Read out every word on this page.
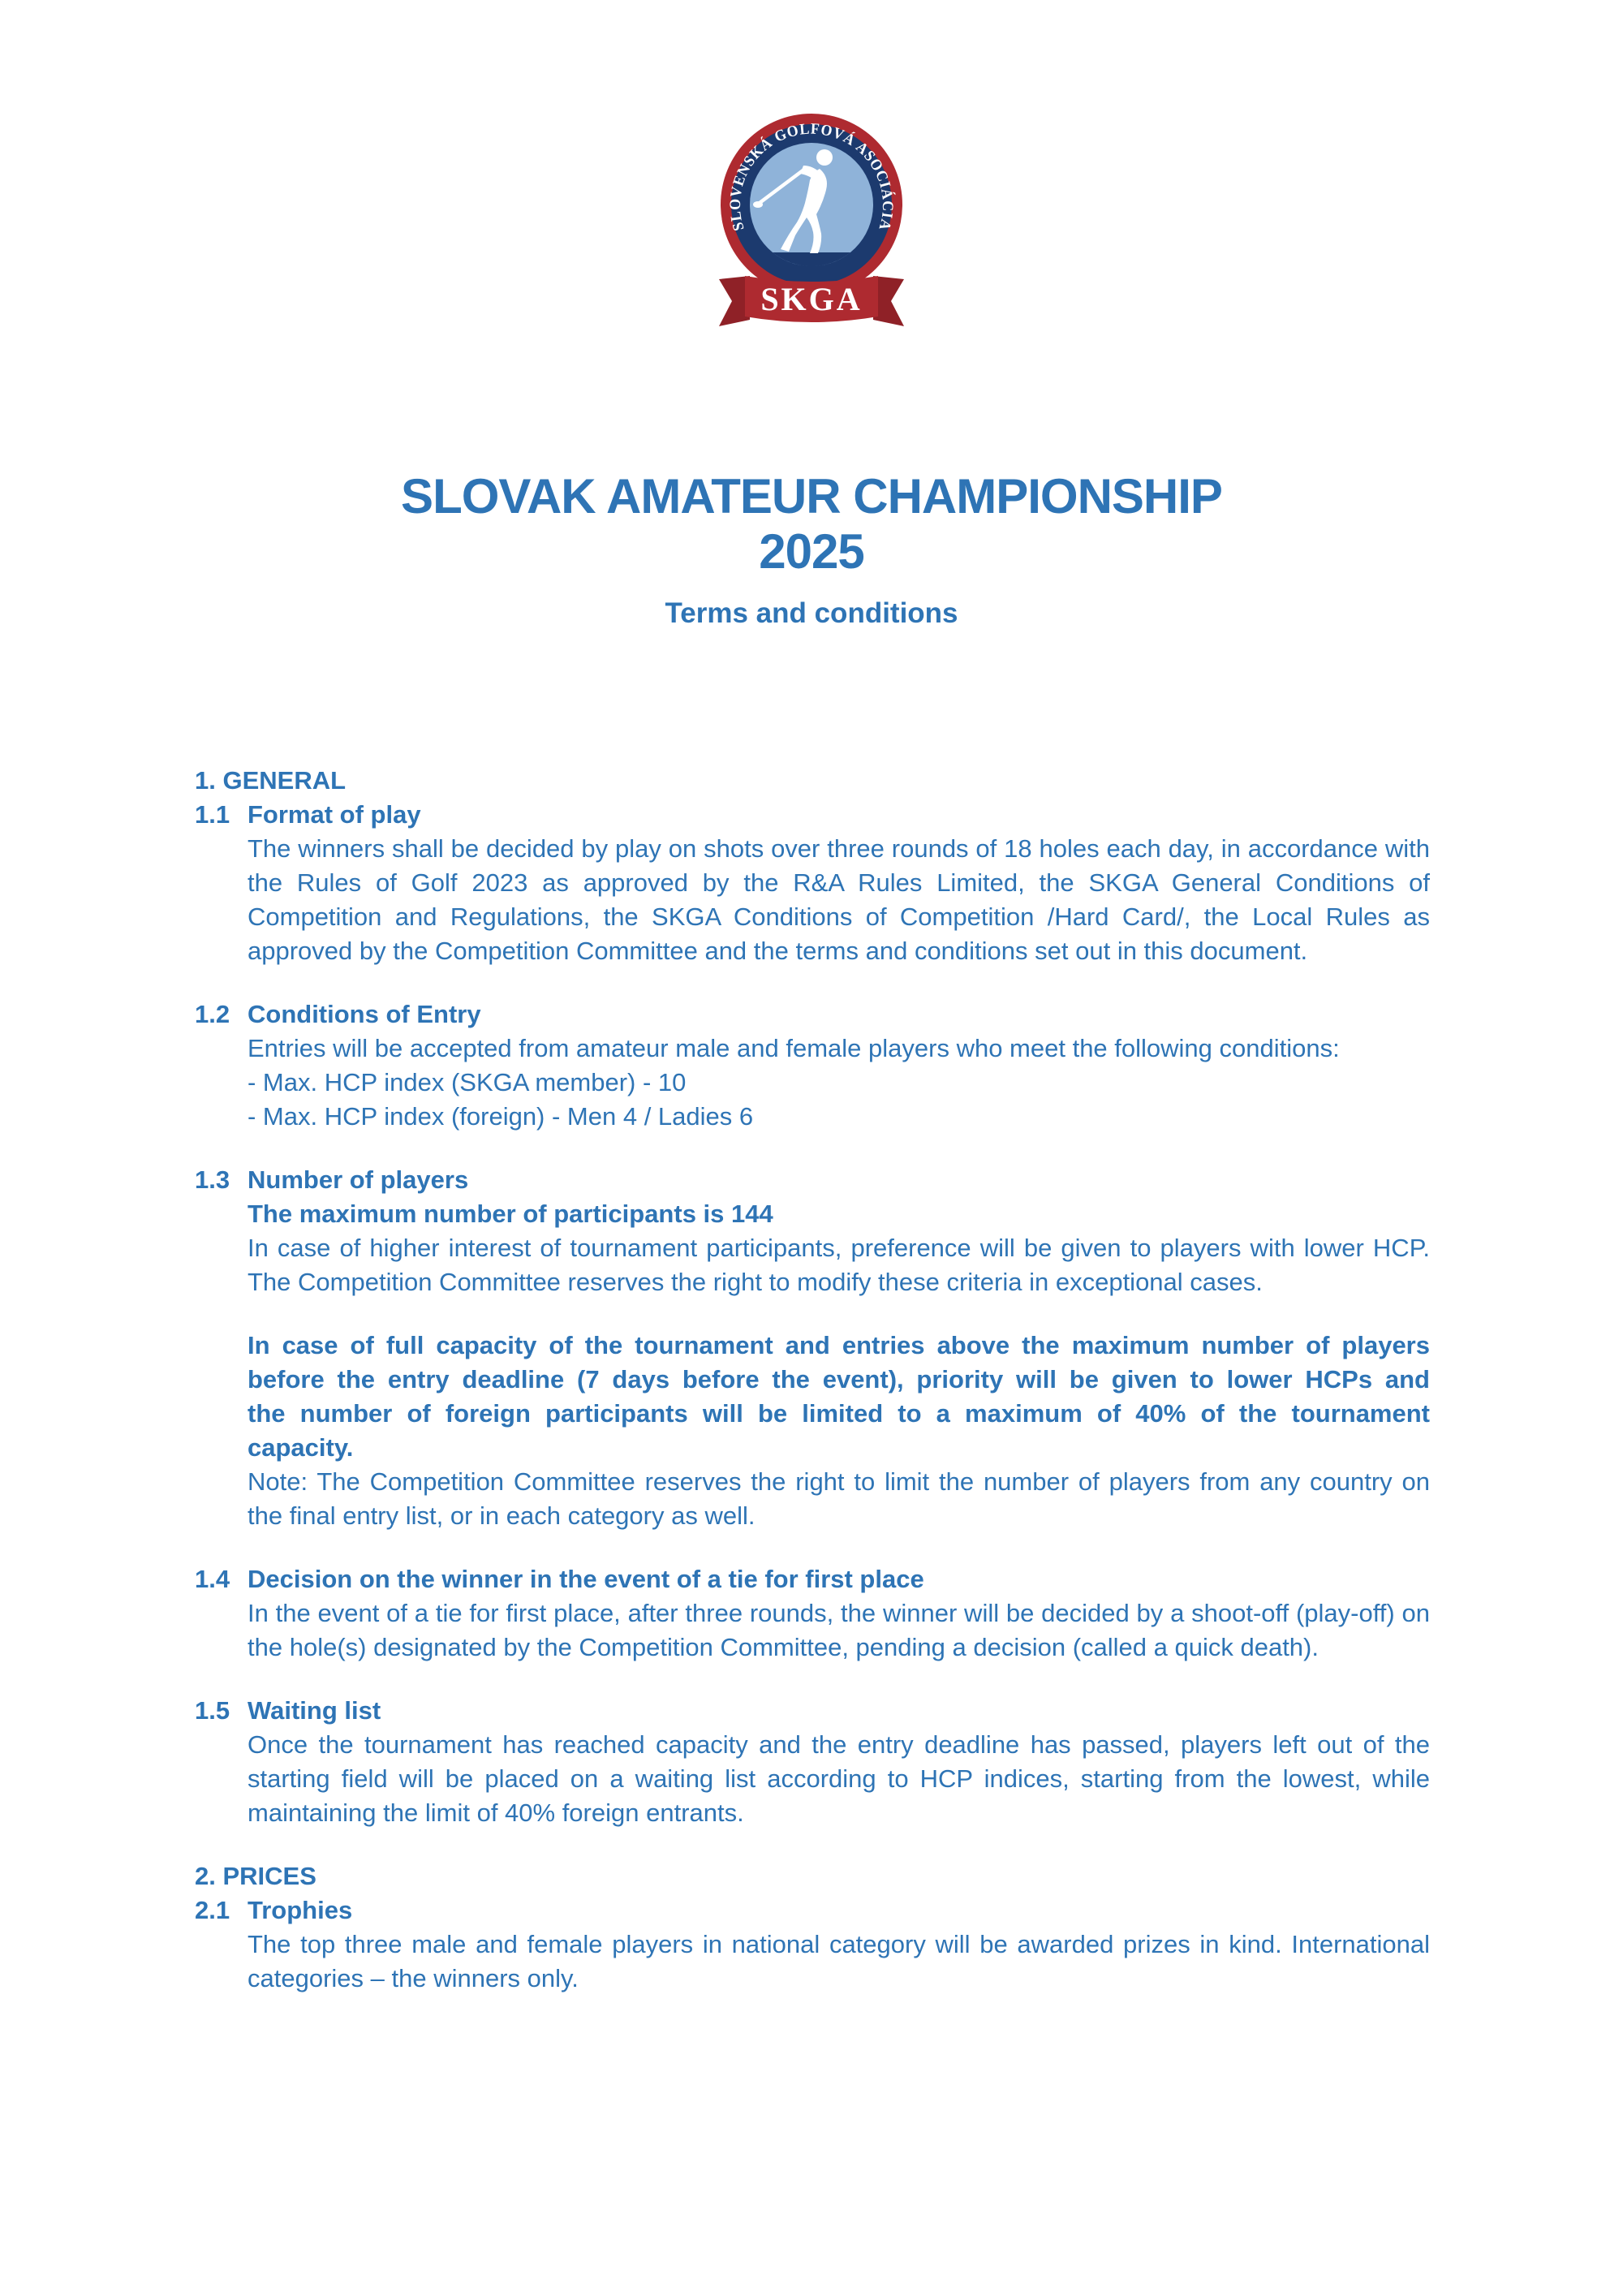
SLOVENSKÁ GOLFOVÁ ASOCIÁCIA
SKGA
SLOVAK AMATEUR CHAMPIONSHIP
2025
Terms and conditions
1. GENERAL
1.1 Format of play
The winners shall be decided by play on shots over three rounds of 18 holes each day, in accordance with the Rules of Golf 2023 as approved by the R&A Rules Limited, the SKGA General Conditions of Competition and Regulations, the SKGA Conditions of Competition /Hard Card/, the Local Rules as approved by the Competition Committee and the terms and conditions set out in this document.
1.2 Conditions of Entry
Entries will be accepted from amateur male and female players who meet the following conditions:
- Max. HCP index (SKGA member) - 10
- Max. HCP index (foreign) - Men 4 / Ladies 6
1.3 Number of players
The maximum number of participants is 144
In case of higher interest of tournament participants, preference will be given to players with lower HCP. The Competition Committee reserves the right to modify these criteria in exceptional cases.
In case of full capacity of the tournament and entries above the maximum number of players before the entry deadline (7 days before the event), priority will be given to lower HCPs and the number of foreign participants will be limited to a maximum of 40% of the tournament capacity.
Note: The Competition Committee reserves the right to limit the number of players from any country on the final entry list, or in each category as well.
1.4 Decision on the winner in the event of a tie for first place
In the event of a tie for first place, after three rounds, the winner will be decided by a shoot-off (play-off) on the hole(s) designated by the Competition Committee, pending a decision (called a quick death).
1.5 Waiting list
Once the tournament has reached capacity and the entry deadline has passed, players left out of the starting field will be placed on a waiting list according to HCP indices, starting from the lowest, while maintaining the limit of 40% foreign entrants.
2. PRICES
2.1 Trophies
The top three male and female players in national category will be awarded prizes in kind. International categories – the winners only.
